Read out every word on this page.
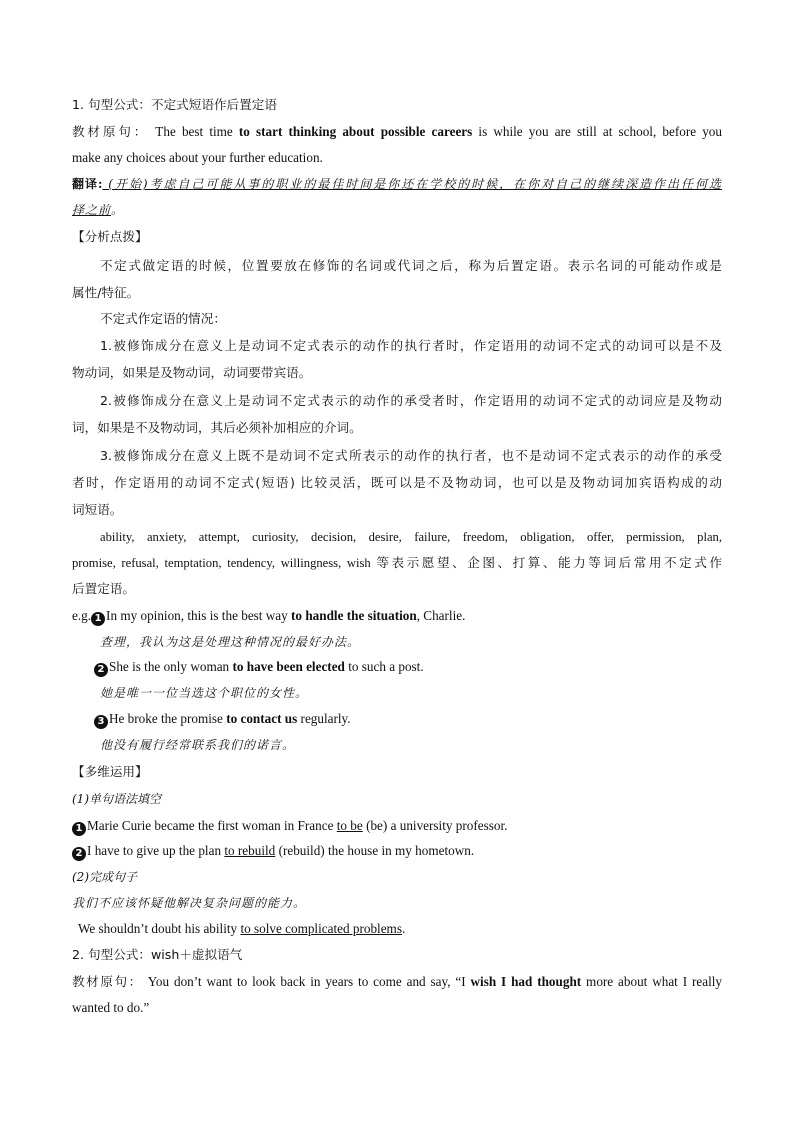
1. 句型公式：不定式短语作后置定语
教材原句： The best time to start thinking about possible careers is while you are still at school, before you
make any choices about your further education.
翻译: (开始)考虑自己可能从事的职业的最佳时间是你还在学校的时候，在你对自己的继续深造作出任何选
择之前。
【分析点拨】
不定式做定语的时候，位置要放在修饰的名词或代词之后，称为后置定语。表示名词的可能动作或是
属性/特征。
不定式作定语的情况：
1.被修饰成分在意义上是动词不定式表示的动作的执行者时，作定语用的动词不定式的动词可以是不及
物动词，如果是及物动词，动词要带宾语。
2.被修饰成分在意义上是动词不定式表示的动作的承受者时，作定语用的动词不定式的动词应是及物动
词，如果是不及物动词，其后必须补加相应的介词。
3.被修饰成分在意义上既不是动词不定式所表示的动作的执行者，也不是动词不定式表示的动作的承受
者时，作定语用的动词不定式(短语) 比较灵活，既可以是不及物动词，也可以是及物动词加宾语构成的动
词短语。
ability, anxiety, attempt, curiosity, decision, desire, failure, freedom, obligation, offer, permission, plan,
promise, refusal, temptation, tendency, willingness, wish 等表示愿望、企图、打算、能力等词后常用不定式作
后置定语。
e.g. 1 In my opinion, this is the best way to handle the situation, Charlie.
查理，我认为这是处理这种情况的最好办法。
2 She is the only woman to have been elected to such a post.
她是唯一一位当选这个职位的女性。
3 He broke the promise to contact us regularly.
他没有履行经常联系我们的诺言。
【多维运用】
(1)单句语法填空
1 Marie Curie became the first woman in France to be (be) a university professor.
2 I have to give up the plan to rebuild (rebuild) the house in my hometown.
(2)完成句子
我们不应该怀疑他解决复杂问题的能力。
We shouldn’t doubt his ability to solve complicated problems.
2. 句型公式：wish＋虚拟语气
教材原句： You don’t want to look back in years to come and say, “I wish I had thought more about what I really
wanted to do.”
